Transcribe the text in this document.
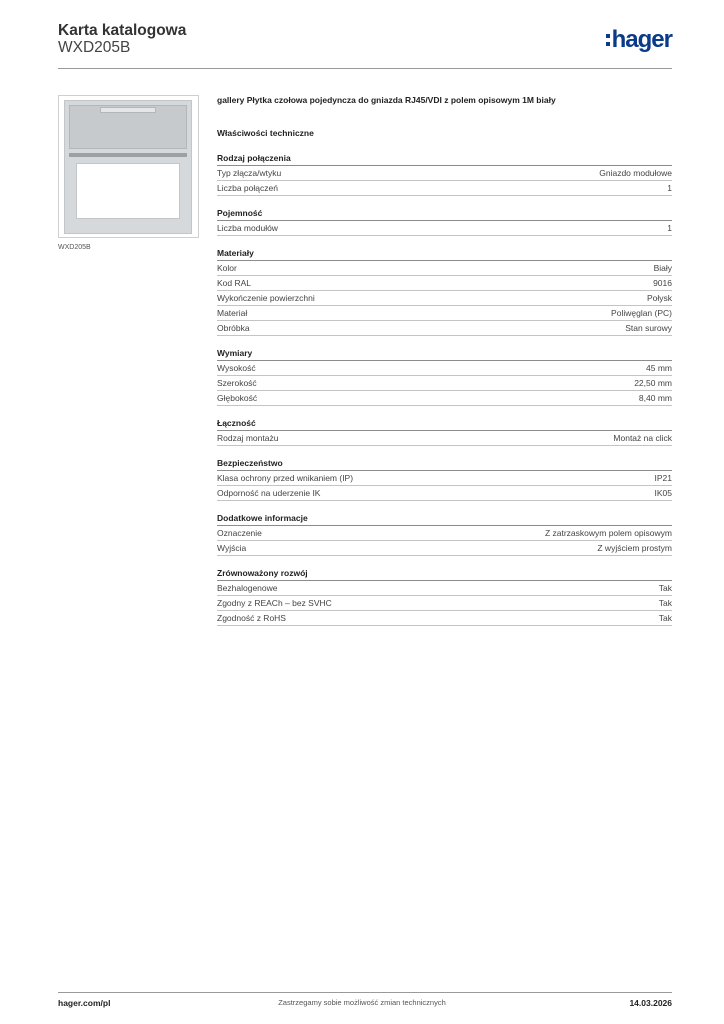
Karta katalogowa
WXD205B	hager
WXD205B
gallery Płytka czołowa pojedyncza do gniazda RJ45/VDI z polem opisowym 1M biały
Właściwości techniczne
Rodzaj połączenia
Typ złącza/wtyku	Gniazdo modułowe
Liczba połączeń	1
Pojemność
Liczba modułów	1
Materiały
Kolor	Biały
Kod RAL	9016
Wykończenie powierzchni	Połysk
Materiał	Poliwęglan (PC)
Obróbka	Stan surowy
Wymiary
Wysokość	45 mm
Szerokość	22,50 mm
Głębokość	8,40 mm
Łączność
Rodzaj montażu	Montaż na click
Bezpieczeństwo
Klasa ochrony przed wnikaniem (IP)	IP21
Odporność na uderzenie IK	IK05
Dodatkowe informacje
Oznaczenie	Z zatrzaskowym polem opisowym
Wyjścia	Z wyjściem prostym
Zrównoważony rozwój
Bezhalogenowe	Tak
Zgodny z REACh – bez SVHC	Tak
Zgodność z RoHS	Tak
hager.com/pl	Zastrzegamy sobie możliwość zmian technicznych	14.03.2026
